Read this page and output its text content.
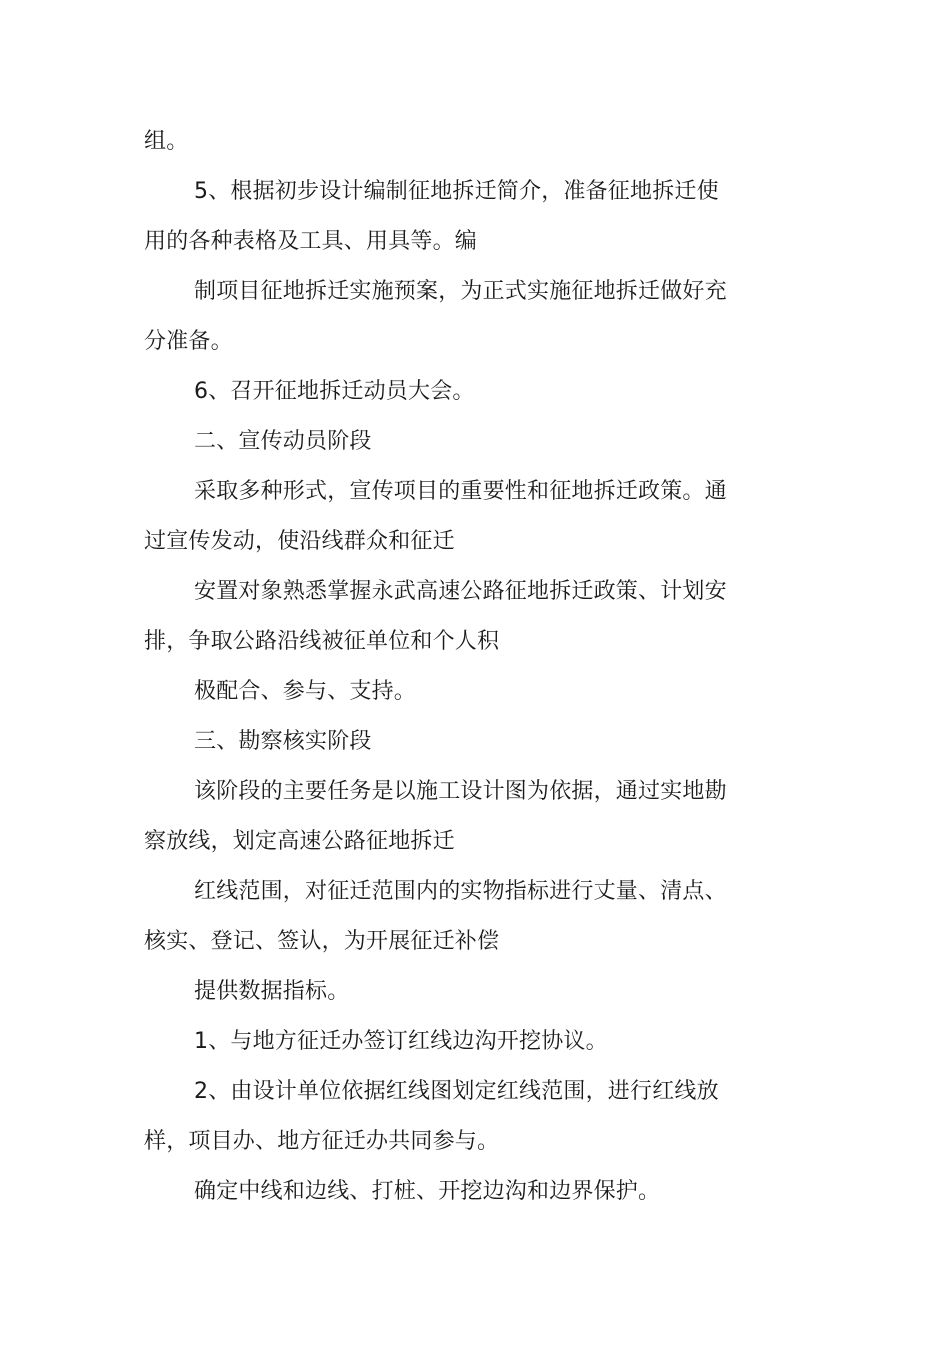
组。
5、根据初步设计编制征地拆迁简介，准备征地拆迁使
用的各种表格及工具、用具等。编
制项目征地拆迁实施预案，为正式实施征地拆迁做好充
分准备。
6、召开征地拆迁动员大会。
二、宣传动员阶段
采取多种形式，宣传项目的重要性和征地拆迁政策。通
过宣传发动，使沿线群众和征迁
安置对象熟悉掌握永武高速公路征地拆迁政策、计划安
排，争取公路沿线被征单位和个人积
极配合、参与、支持。
三、勘察核实阶段
该阶段的主要任务是以施工设计图为依据，通过实地勘
察放线，划定高速公路征地拆迁
红线范围，对征迁范围内的实物指标进行丈量、清点、
核实、登记、签认，为开展征迁补偿
提供数据指标。
1、与地方征迁办签订红线边沟开挖协议。
2、由设计单位依据红线图划定红线范围，进行红线放
样，项目办、地方征迁办共同参与。
确定中线和边线、打桩、开挖边沟和边界保护。
